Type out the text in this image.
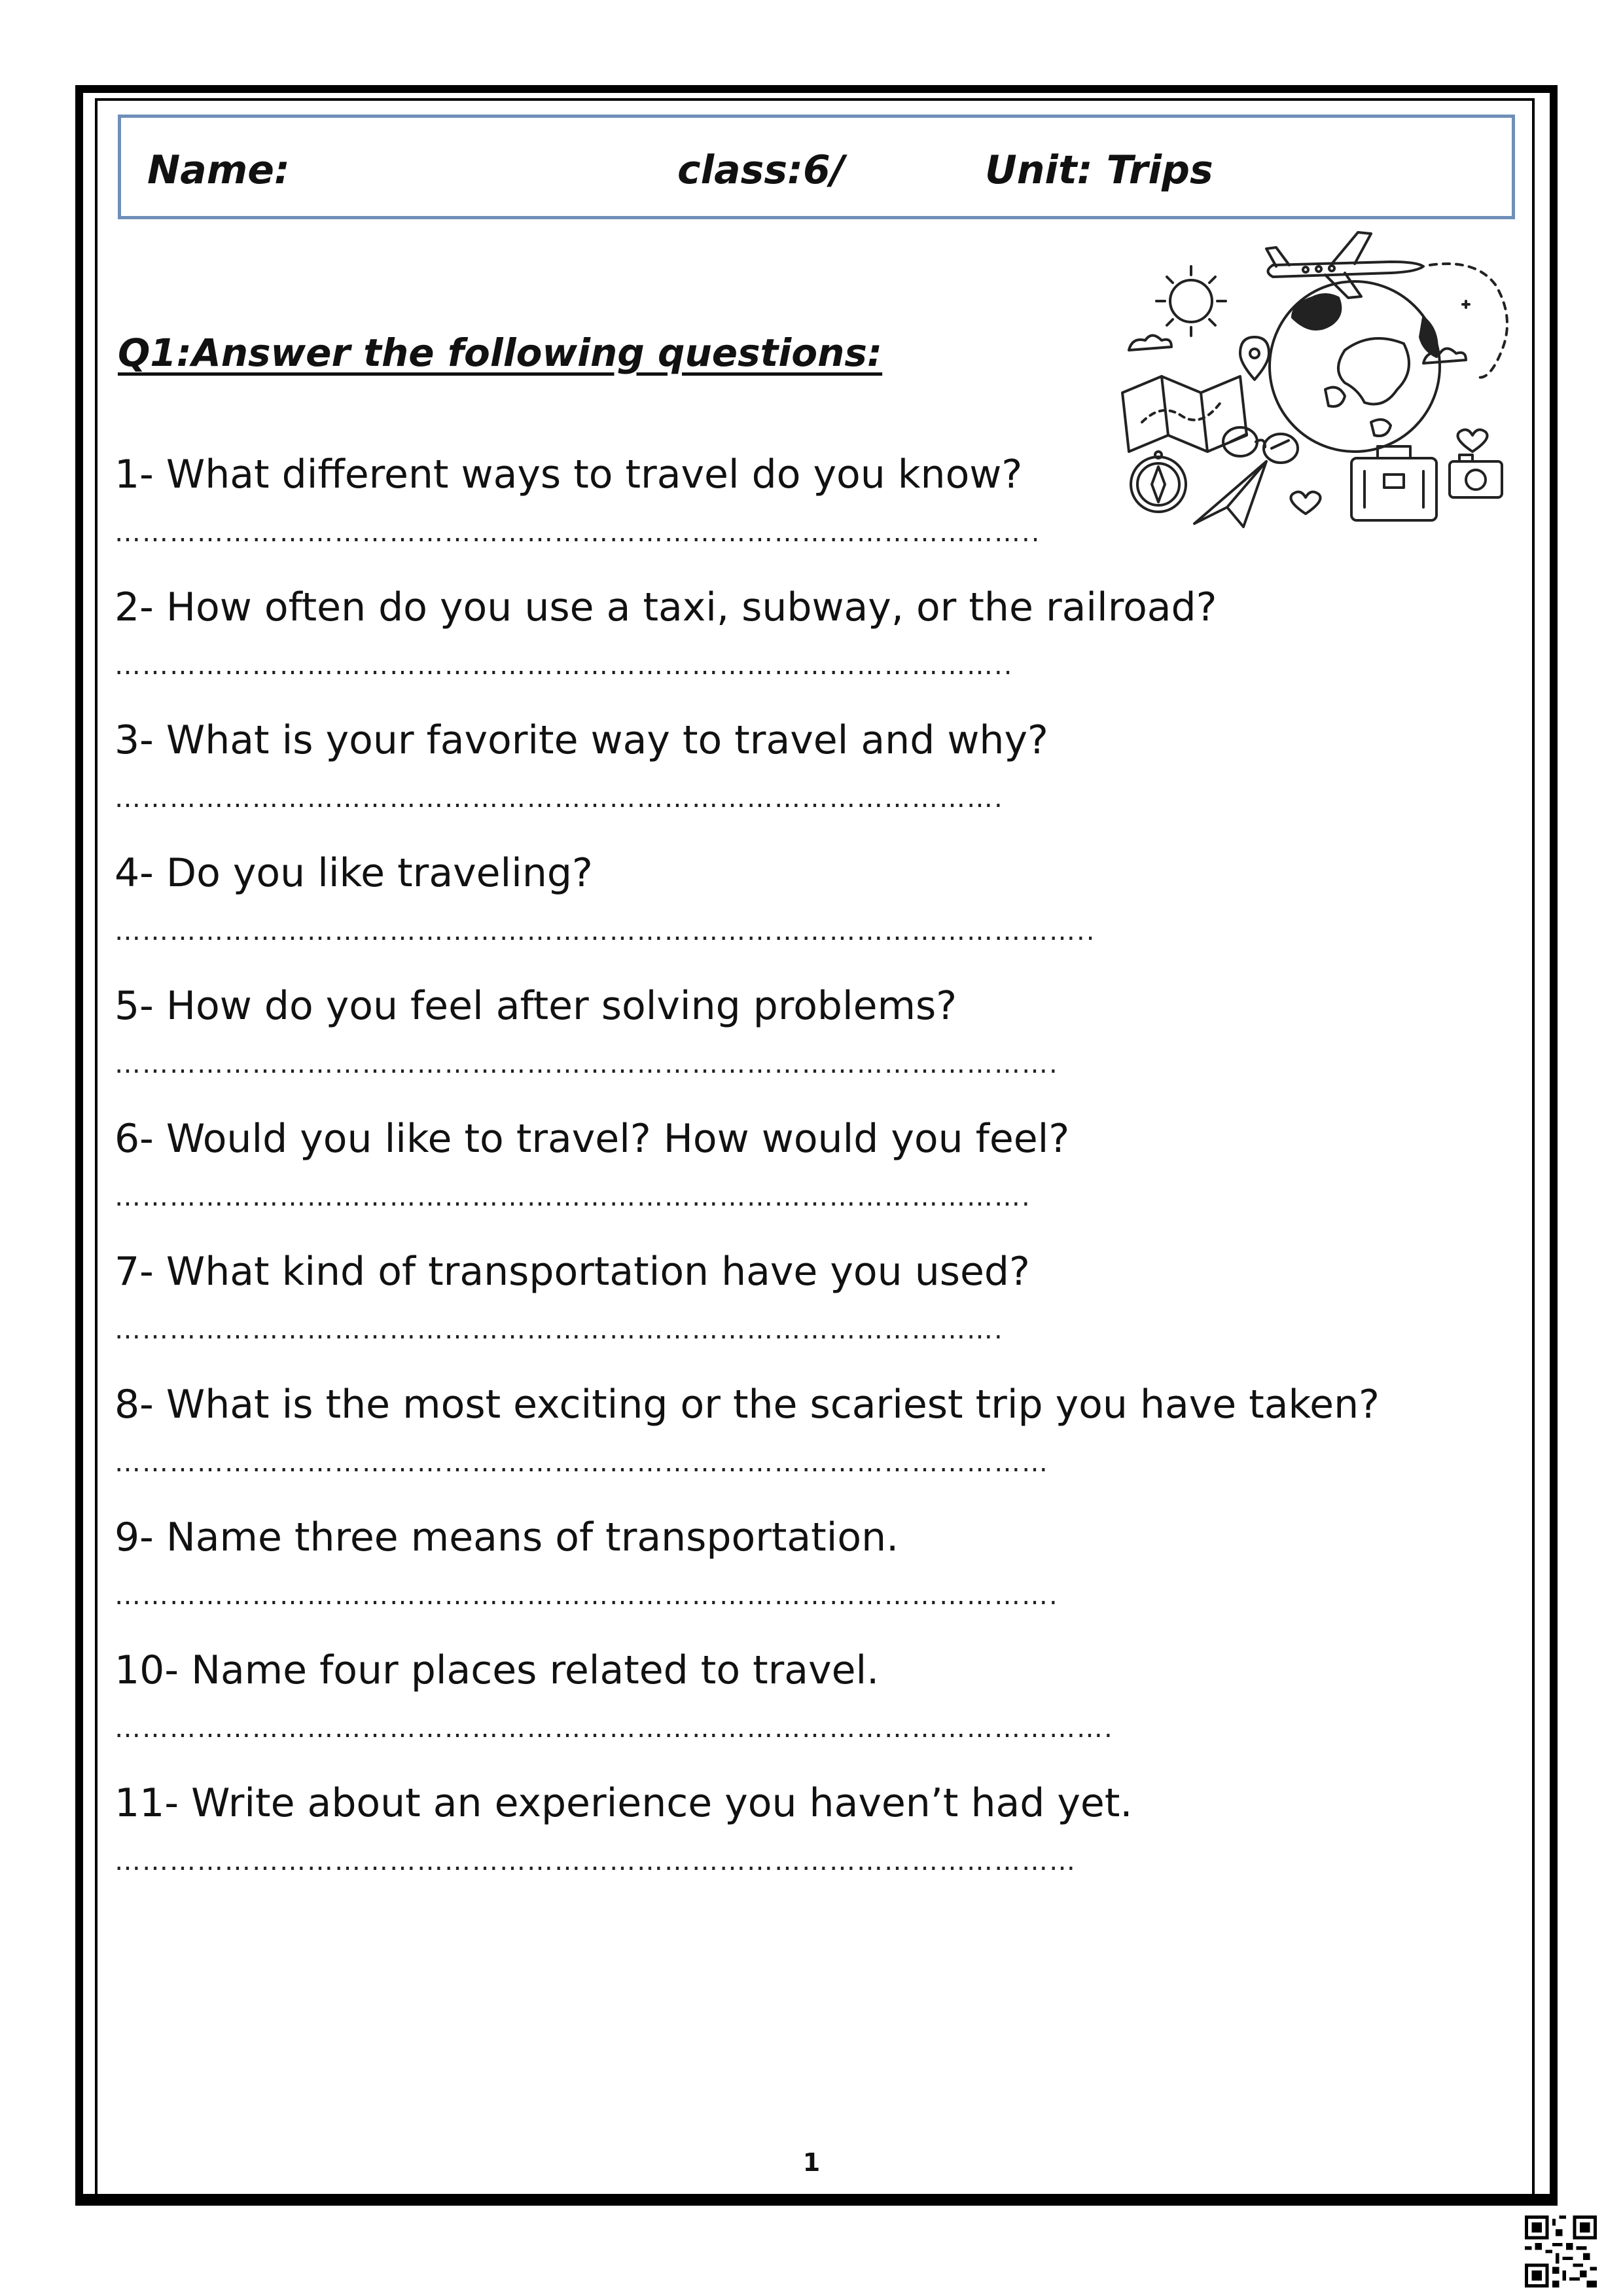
Name:	class:6/	Unit: Trips
Q1:Answer the following questions:
1- What different ways to travel do you know?
………………………………………………………………………………………..
2- How often do you use a taxi, subway, or the railroad?
……………………………………………………………………………………..
3- What is your favorite way to travel and why?
…………………………………………………………………………………….
4- Do you like traveling?
……………………………………………………………………………………………..
5- How do you feel after solving problems?
………………………………………………………………………………………….
6- Would you like to travel? How would you feel?
……………………………………………………………………………………….
7- What kind of transportation have you used?
…………………………………………………………………………………….
8- What is the most exciting or the scariest trip you have taken?
…………………………………………………………………………………………
9- Name three means of transportation.
………………………………………………………………………………………….
10- Name four places related to travel.
……………………………………………………………………………………………….
11- Write about an experience you haven’t had yet.
……………………………………………………………………………………………
1
